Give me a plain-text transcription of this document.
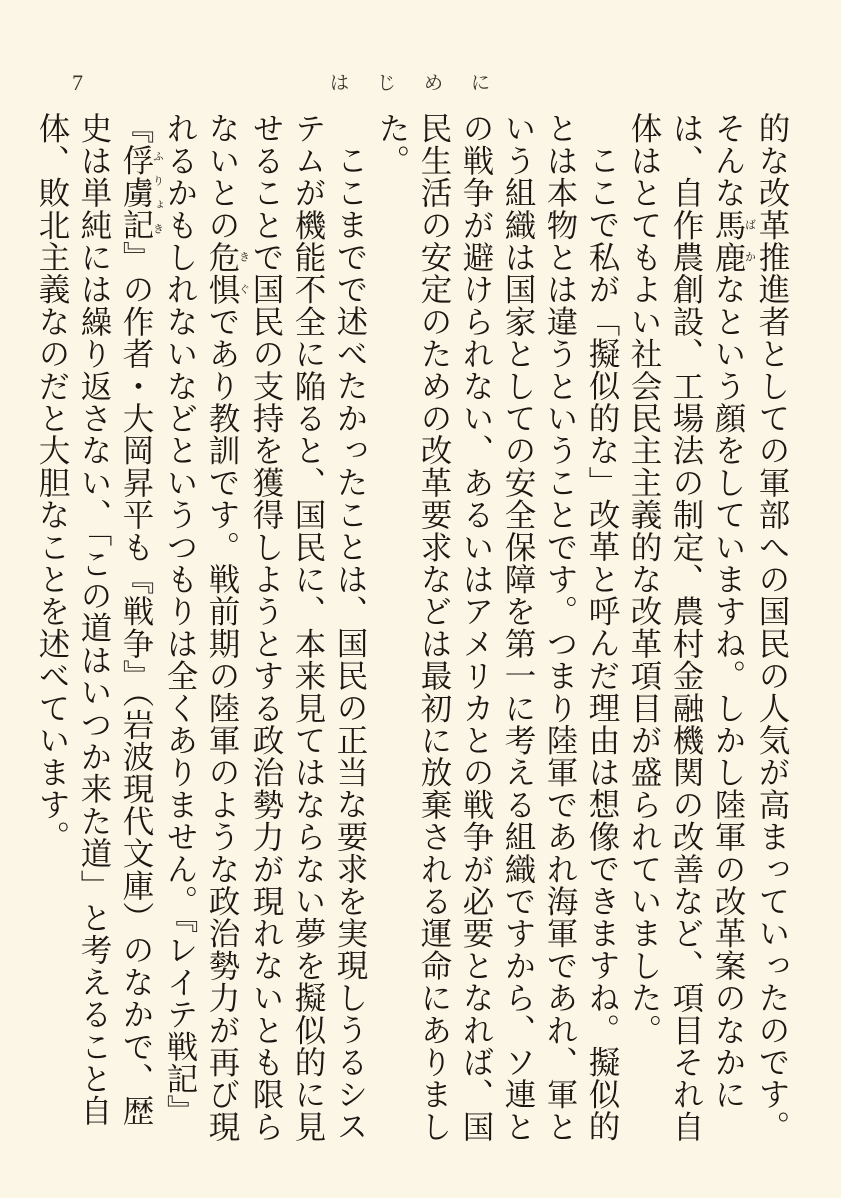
7	はじめに

的な改革推進者としての軍部への国民の人気が高まっていったのです。そんな馬鹿ばかなという顔をしていますね。しかし陸軍の改革案のなかには、自作農創設、工場法の制定、農村金融機関の改善など、項目それ自体はとてもよい社会民主主義的な改革項目が盛られていました。

ここで私が「擬似的な」改革と呼んだ理由は想像できますね。擬似的とは本物とは違うということです。つまり陸軍であれ海軍であれ、軍という組織は国家としての安全保障を第一に考える組織ですから、ソ連との戦争が避けられない、あるいはアメリカとの戦争が必要となれば、国民生活の安定のための改革要求などは最初に放棄される運命にありました。

ここまでで述べたかったことは、国民の正当な要求を実現しうるシステムが機能不全に陥ると、国民に、本来見てはならない夢を擬似的に見せることで国民の支持を獲得しようとする政治勢力が現れないとも限らないとの危惧きぐであり教訓です。戦前期の陸軍のような政治勢力が再び現れるかもしれないなどというつもりは全くありません。『レイテ戦記』『俘虜記ふりょき』の作者・大岡昇平も『戦争』（岩波現代文庫）のなかで、歴史は単純には繰り返さない、「この道はいつか来た道」と考えること自体、敗北主義なのだと大胆なことを述べています。
